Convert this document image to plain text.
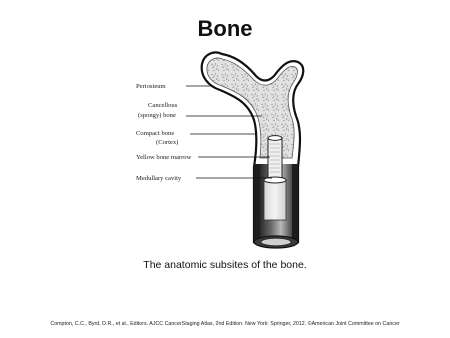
Bone
Periosteum
Cancellous
(spongy) bone
Compact bone
(Cortex)
Yellow bone marrow
Medullary cavity
The anatomic subsites of the bone.
Compton, C.C., Byrd, D.R., et al., Editors. AJCC CancerStaging Atlas, 2nd Edition. New York: Springer, 2012. ©American Joint Committee on Cancer
